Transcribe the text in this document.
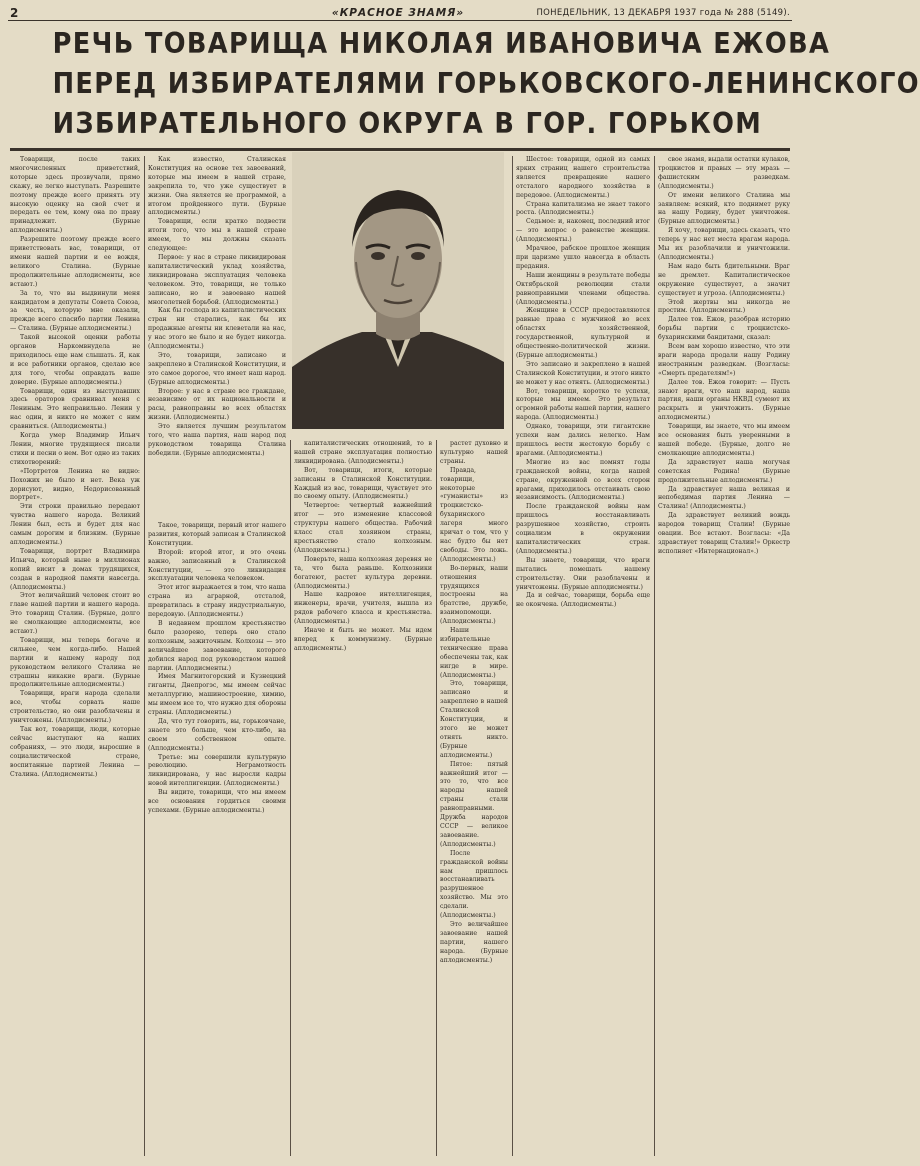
2	«КРАСНОЕ ЗНАМЯ»	ПОНЕДЕЛЬНИК, 13 ДЕКАБРЯ 1937 года № 288 (5149).
РЕЧЬ ТОВАРИЩА НИКОЛАЯ ИВАНОВИЧА ЕЖОВА
ПЕРЕД ИЗБИРАТЕЛЯМИ ГОРЬКОВСКОГО-ЛЕНИНСКОГО
ИЗБИРАТЕЛЬНОГО ОКРУГА В ГОР. ГОРЬКОМ

Товарищи, после таких многочисленных приветствий, которые здесь прозвучали, прямо скажу, не легко выступать. Разрешите поэтому прежде всего принять эту высокую оценку на свой счет и передать ее тем, кому она по праву принадлежит. (Бурные аплодисменты.)

Разрешите поэтому прежде всего приветствовать вас, товарищи, от имени нашей партии и ее вождя, великого Сталина. (Бурные продолжительные аплодисменты, все встают.)

За то, что вы выдвинули меня кандидатом в депутаты Совета Союза, за честь, которую мне оказали, прежде всего спасибо партии Ленина — Сталина. (Бурные аплодисменты.)

Такой высокой оценки работы органов Наркомвнудела не приходилось еще нам слышать. Я, как и все работники органов, сделаю все для того, чтобы оправдать ваше доверие. (Бурные аплодисменты.)

Товарищи, один из выступавших здесь ораторов сравнивал меня с Лениным. Это неправильно. Ленин у нас один, и никто не может с ним сравниться. (Аплодисменты.)

Когда умер Владимир Ильич Ленин, многие трудящиеся писали стихи и песни о нем. Вот одно из таких стихотворений:

«Портретов Ленина не видно: Похожих не было и нет. Века уж дорисуют, видно, Недорисованный портрет».

Эти строки правильно передают чувства нашего народа. Великий Ленин был, есть и будет для нас самым дорогим и близким. (Бурные аплодисменты.)

Товарищи, портрет Владимира Ильича, который ныне в миллионах копий висит в домах трудящихся, создан в народной памяти навсегда. (Аплодисменты.)

Этот величайший человек стоит во главе нашей партии и нашего народа. Это товарищ Сталин. (Бурные, долго не смолкающие аплодисменты, все встают.)

Товарищи, мы теперь богаче и сильнее, чем когда-либо. Нашей партии и нашему народу под руководством великого Сталина не страшны никакие враги. (Бурные продолжительные аплодисменты.)

Товарищи, враги народа сделали все, чтобы сорвать наше строительство, но они разоблачены и уничтожены. (Аплодисменты.)

Так вот, товарищи, люди, которые сейчас выступают на наших собраниях, — это люди, выросшие в социалистической стране, воспитанные партией Ленина — Сталина. (Аплодисменты.)

Как известно, Сталинская Конституция на основе тех завоеваний, которые мы имеем в нашей стране, закрепила то, что уже существует в жизни. Она является не программой, а итогом пройденного пути. (Бурные аплодисменты.)

Товарищи, если кратко подвести итоги того, что мы в нашей стране имеем, то мы должны сказать следующее:

Первое: у нас в стране ликвидирован капиталистический уклад хозяйства, ликвидирована эксплуатация человека человеком. Это, товарищи, не только записано, но и завоевано нашей многолетней борьбой. (Аплодисменты.)

Как бы господа из капиталистических стран ни старались, как бы их продажные агенты ни клеветали на нас, у нас этого не было и не будет никогда. (Аплодисменты.)

Это, товарищи, записано и закреплено в Сталинской Конституции, и это самое дорогое, что имеет наш народ. (Бурные аплодисменты.)

Второе: у нас в стране все граждане, независимо от их национальности и расы, равноправны во всех областях жизни. (Аплодисменты.)

Это является лучшим результатом того, что наша партия, наш народ под руководством товарища Сталина победили. (Бурные аплодисменты.)

Такое, товарищи, первый итог нашего развития, который записан в Сталинской Конституции.

Второй: второй итог, и это очень важно, записанный в Сталинской Конституции, — это ликвидация эксплуатации человека человеком.

Этот итог выражается в том, что наша страна из аграрной, отсталой, превратилась в страну индустриальную, передовую. (Аплодисменты.)

В недавнем прошлом крестьянство было разорено, теперь оно стало колхозным, зажиточным. Колхозы — это величайшее завоевание, которого добился народ под руководством нашей партии. (Аплодисменты.)

Имея Магнитогорский и Кузнецкий гиганты, Днепрогэс, мы имеем сейчас металлургию, машиностроение, химию, мы имеем все то, что нужно для обороны страны. (Аплодисменты.)

Да, что тут говорить, вы, горьковчане, знаете это больше, чем кто-либо, на своем собственном опыте. (Аплодисменты.)

Третье: мы совершили культурную революцию. Неграмотность ликвидирована, у нас выросли кадры новой интеллигенции. (Аплодисменты.)

Вы видите, товарищи, что мы имеем все основания гордиться своими успехами. (Бурные аплодисменты.)

капиталистических отношений, то в нашей стране эксплуатация полностью ликвидирована. (Аплодисменты.)

Вот, товарищи, итоги, которые записаны в Сталинской Конституции. Каждый из вас, товарищи, чувствует это по своему опыту. (Аплодисменты.)

Четвертое: четвертый важнейший итог — это изменение классовой структуры нашего общества. Рабочий класс стал хозяином страны, крестьянство стало колхозным. (Аплодисменты.)

Поверьте, наша колхозная деревня не та, что была раньше. Колхозники богатеют, растет культура деревни. (Аплодисменты.)

Наше кадровое интеллигенция, инженеры, врачи, учителя, вышла из рядов рабочего класса и крестьянства. (Аплодисменты.)

Иначе и быть не может. Мы идем вперед к коммунизму. (Бурные аплодисменты.)

растет духовно и культурно нашей страны.

Правда, товарищи, некоторые «гуманисты» из троцкистско-бухаринского лагеря много кричат о том, что у нас будто бы нет свободы. Это ложь. (Аплодисменты.)

Во-первых, наши отношения трудящихся построены на братстве, дружбе, взаимопомощи. (Аплодисменты.)

Наши избирательные технические права обеспечены так, как нигде в мире. (Аплодисменты.)

Это, товарищи, записано и закреплено в нашей Сталинской Конституции, и этого не может отнять никто. (Бурные аплодисменты.)

Пятое: пятый важнейший итог — это то, что все народы нашей страны стали равноправными. Дружба народов СССР — великое завоевание. (Аплодисменты.)

После гражданской войны нам пришлось восстанавливать разрушенное хозяйство. Мы это сделали. (Аплодисменты.)

Это величайшее завоевание нашей партии, нашего народа. (Бурные аплодисменты.)

Шестое: товарищи, одной из самых ярких страниц нашего строительства является превращение нашего отсталого народного хозяйства в передовое. (Аплодисменты.)

Страна капитализма не знает такого роста. (Аплодисменты.)

Седьмое: и, наконец, последний итог — это вопрос о равенстве женщин. (Аплодисменты.)

Мрачное, рабское прошлое женщин при царизме ушло навсегда в область предания.

Наши женщины в результате победы Октябрьской революции стали равноправными членами общества. (Аплодисменты.)

Женщине в СССР предоставляются равные права с мужчиной во всех областях хозяйственной, государственной, культурной и общественно-политической жизни. (Бурные аплодисменты.)

Это записано и закреплено в нашей Сталинской Конституции, и этого никто не может у нас отнять. (Аплодисменты.)

Вот, товарищи, коротко те успехи, которые мы имеем. Это результат огромной работы нашей партии, нашего народа. (Аплодисменты.)

Однако, товарищи, эти гигантские успехи нам дались нелегко. Нам пришлось вести жестокую борьбу с врагами. (Аплодисменты.)

Многие из вас помнят годы гражданской войны, когда нашей стране, окруженной со всех сторон врагами, приходилось отстаивать свою независимость. (Аплодисменты.)

После гражданской войны нам пришлось восстанавливать разрушенное хозяйство, строить социализм в окружении капиталистических стран. (Аплодисменты.)

Вы знаете, товарищи, что враги пытались помешать нашему строительству. Они разоблачены и уничтожены. (Бурные аплодисменты.)

Да и сейчас, товарищи, борьба еще не окончена. (Аплодисменты.)

свое знамя, выдали остатки кулаков, троцкистов и правых — эту мразь — фашистским разведкам. (Аплодисменты.)

От имени великого Сталина мы заявляем: всякий, кто поднимет руку на нашу Родину, будет уничтожен. (Бурные аплодисменты.)

Я хочу, товарищи, здесь сказать, что теперь у нас нет места врагам народа. Мы их разоблачили и уничтожили. (Аплодисменты.)

Нам надо быть бдительными. Враг не дремлет. Капиталистическое окружение существует, а значит существует и угроза. (Аплодисменты.)

Этой жертвы мы никогда не простим. (Аплодисменты.)

Далее тов. Ежов, разобрав историю борьбы партии с троцкистско-бухаринскими бандитами, сказал:

Всем вам хорошо известно, что эти враги народа продали нашу Родину иностранным разведкам. (Возгласы: «Смерть предателям!»)

Далее тов. Ежов говорит: — Пусть знают враги, что наш народ, наша партия, наши органы НКВД сумеют их раскрыть и уничтожить. (Бурные аплодисменты.)

Товарищи, вы знаете, что мы имеем все основания быть уверенными в нашей победе. (Бурные, долго не смолкающие аплодисменты.)

Да здравствует наша могучая советская Родина! (Бурные продолжительные аплодисменты.)

Да здравствует наша великая и непобедимая партия Ленина — Сталина! (Аплодисменты.)

Да здравствует великий вождь народов товарищ Сталин! (Бурные овации. Все встают. Возгласы: «Да здравствует товарищ Сталин!» Оркестр исполняет «Интернационал».)
